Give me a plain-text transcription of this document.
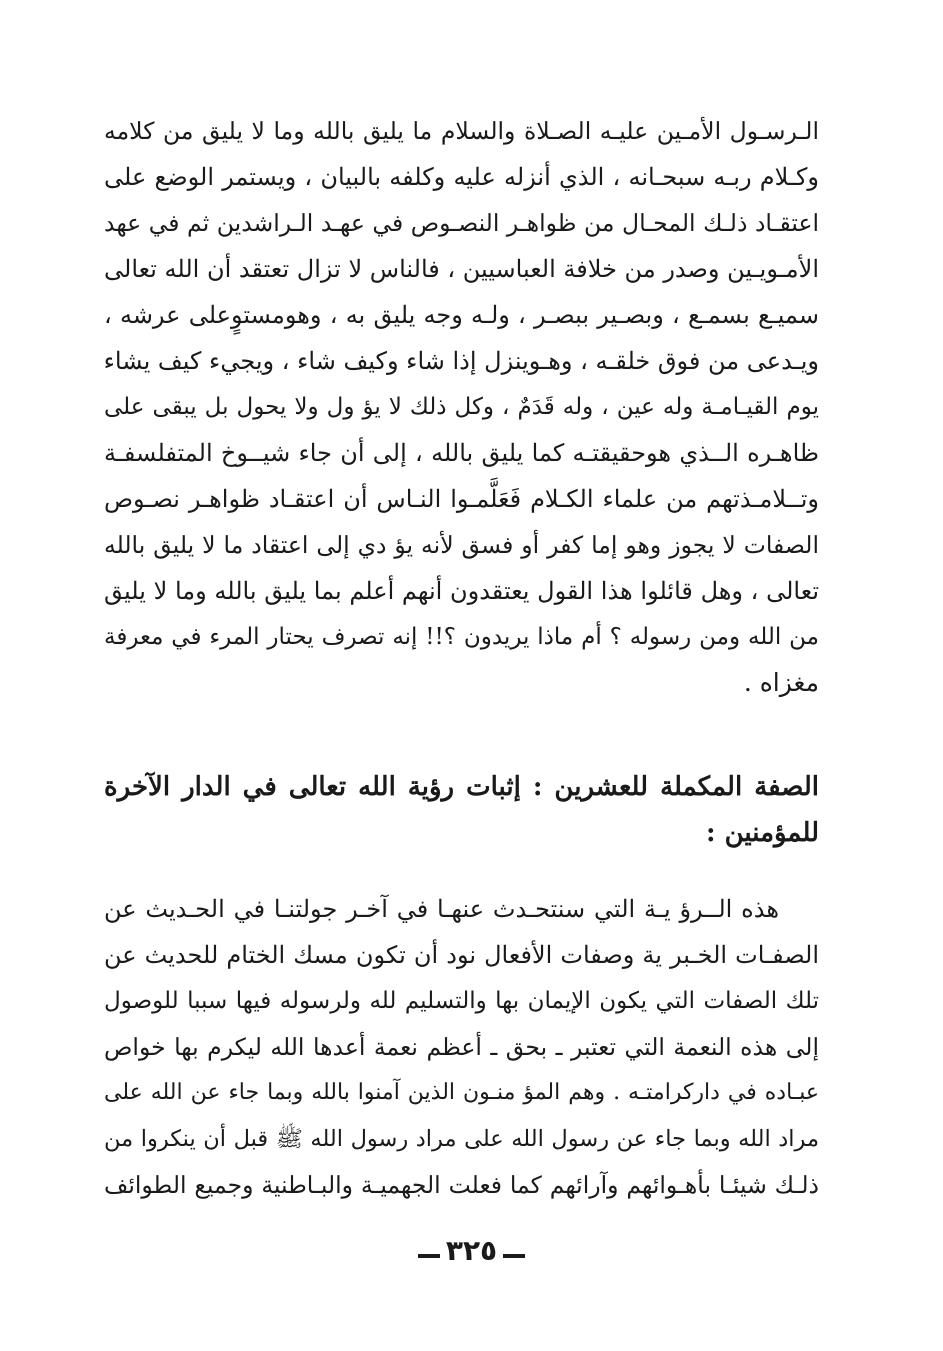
الـرسـول الأمـين عليـه الصـلاة والسلام ما يليق بالله وما لا يليق من كلامه
وكـلام ربـه سبحـانه ، الذي أنزله عليه وكلفه بالبيان ، ويستمر الوضع على
اعتقـاد ذلـك المحـال من ظواهـر النصـوص في عهـد الـراشدين ثم في عهد
الأمـويـين وصدر من خلافة العباسيين ، فالناس لا تزال تعتقد أن الله تعالى
سميـع بسمـع ، وبصـير ببصـر ، ولـه وجه يليق به ، وهومستوٍعلى عرشه ،
ويـدعى من فوق خلقـه ، وهـوينزل إذا شاء وكيف شاء ، ويجيء كيف يشاء
يوم القيـامـة وله عين ، وله قَدَمٌ ، وكل ذلك لا يؤ ول ولا يحول بل يبقى على
ظاهـره الــذي هوحقيقتـه كما يليق بالله ، إلى أن جاء شيــوخ المتفلسفـة
وتــلامـذتهم من علماء الكـلام فَعَلَّمـوا النـاس أن اعتقـاد ظواهـر نصـوص
الصفات لا يجوز وهو إما كفر أو فسق لأنه يؤ دي إلى اعتقاد ما لا يليق بالله
تعالى ، وهل قائلوا هذا القول يعتقدون أنهم أعلم بما يليق بالله وما لا يليق
من الله ومن رسوله ؟ أم ماذا يريدون ؟!! إنه تصرف يحتار المرء في معرفة
مغزاه .
الصفة المكملة للعشرين : إثبات رؤية الله تعالى في الدار الآخرة
للمؤمنين :
هذه الــرؤ يـة التي سنتحـدث عنهـا في آخـر جولتنـا في الحـديث عن
الصفـات الخـبر ية وصفات الأفعال نود أن تكون مسك الختام للحديث عن
تلك الصفات التي يكون الإيمان بها والتسليم لله ولرسوله فيها سببا للوصول
إلى هذه النعمة التي تعتبر ـ بحق ـ أعظم نعمة أعدها الله ليكرم بها خواص
عبـاده في داركرامتـه . وهم المؤ منـون الذين آمنوا بالله وبما جاء عن الله على
مراد الله وبما جاء عن رسول الله على مراد رسول الله ﷺ قبل أن ينكروا من
ذلـك شيئـا بأهـوائهم وآرائهم كما فعلت الجهميـة والبـاطنية وجميع الطوائف
٣٢٥
